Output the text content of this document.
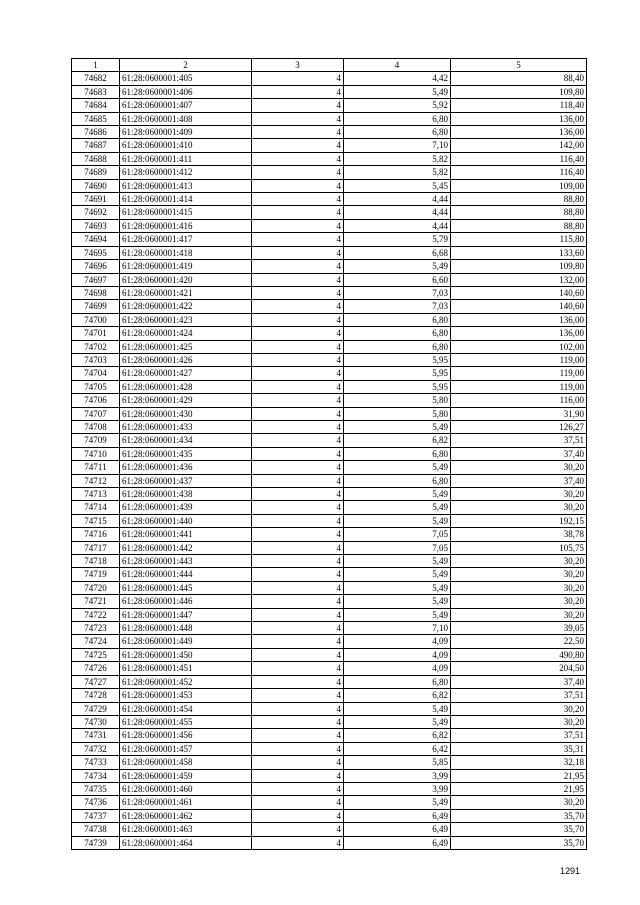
1	2	3	4	5
74682	61:28:0600001:405	4	4,42	88,40
74683	61:28:0600001:406	4	5,49	109,80
74684	61:28:0600001:407	4	5,92	118,40
74685	61:28:0600001:408	4	6,80	136,00
74686	61:28:0600001:409	4	6,80	136,00
74687	61:28:0600001:410	4	7,10	142,00
74688	61:28:0600001:411	4	5,82	116,40
74689	61:28:0600001:412	4	5,82	116,40
74690	61:28:0600001:413	4	5,45	109,00
74691	61:28:0600001:414	4	4,44	88,80
74692	61:28:0600001:415	4	4,44	88,80
74693	61:28:0600001:416	4	4,44	88,80
74694	61:28:0600001:417	4	5,79	115,80
74695	61:28:0600001:418	4	6,68	133,60
74696	61:28:0600001:419	4	5,49	109,80
74697	61:28:0600001:420	4	6,60	132,00
74698	61:28:0600001:421	4	7,03	140,60
74699	61:28:0600001:422	4	7,03	140,60
74700	61:28:0600001:423	4	6,80	136,00
74701	61:28:0600001:424	4	6,80	136,00
74702	61:28:0600001:425	4	6,80	102,00
74703	61:28:0600001:426	4	5,95	119,00
74704	61:28:0600001:427	4	5,95	119,00
74705	61:28:0600001:428	4	5,95	119,00
74706	61:28:0600001:429	4	5,80	116,00
74707	61:28:0600001:430	4	5,80	31,90
74708	61:28:0600001:433	4	5,49	126,27
74709	61:28:0600001:434	4	6,82	37,51
74710	61:28:0600001:435	4	6,80	37,40
74711	61:28:0600001:436	4	5,49	30,20
74712	61:28:0600001:437	4	6,80	37,40
74713	61:28:0600001:438	4	5,49	30,20
74714	61:28:0600001:439	4	5,49	30,20
74715	61:28:0600001:440	4	5,49	192,15
74716	61:28:0600001:441	4	7,05	38,78
74717	61:28:0600001:442	4	7,05	105,75
74718	61:28:0600001:443	4	5,49	30,20
74719	61:28:0600001:444	4	5,49	30,20
74720	61:28:0600001:445	4	5,49	30,20
74721	61:28:0600001:446	4	5,49	30,20
74722	61:28:0600001:447	4	5,49	30,20
74723	61:28:0600001:448	4	7,10	39,05
74724	61:28:0600001:449	4	4,09	22,50
74725	61:28:0600001:450	4	4,09	490,80
74726	61:28:0600001:451	4	4,09	204,50
74727	61:28:0600001:452	4	6,80	37,40
74728	61:28:0600001:453	4	6,82	37,51
74729	61:28:0600001:454	4	5,49	30,20
74730	61:28:0600001:455	4	5,49	30,20
74731	61:28:0600001:456	4	6,82	37,51
74732	61:28:0600001:457	4	6,42	35,31
74733	61:28:0600001:458	4	5,85	32,18
74734	61:28:0600001:459	4	3,99	21,95
74735	61:28:0600001:460	4	3,99	21,95
74736	61:28:0600001:461	4	5,49	30,20
74737	61:28:0600001:462	4	6,49	35,70
74738	61:28:0600001:463	4	6,49	35,70
74739	61:28:0600001:464	4	6,49	35,70
1291
